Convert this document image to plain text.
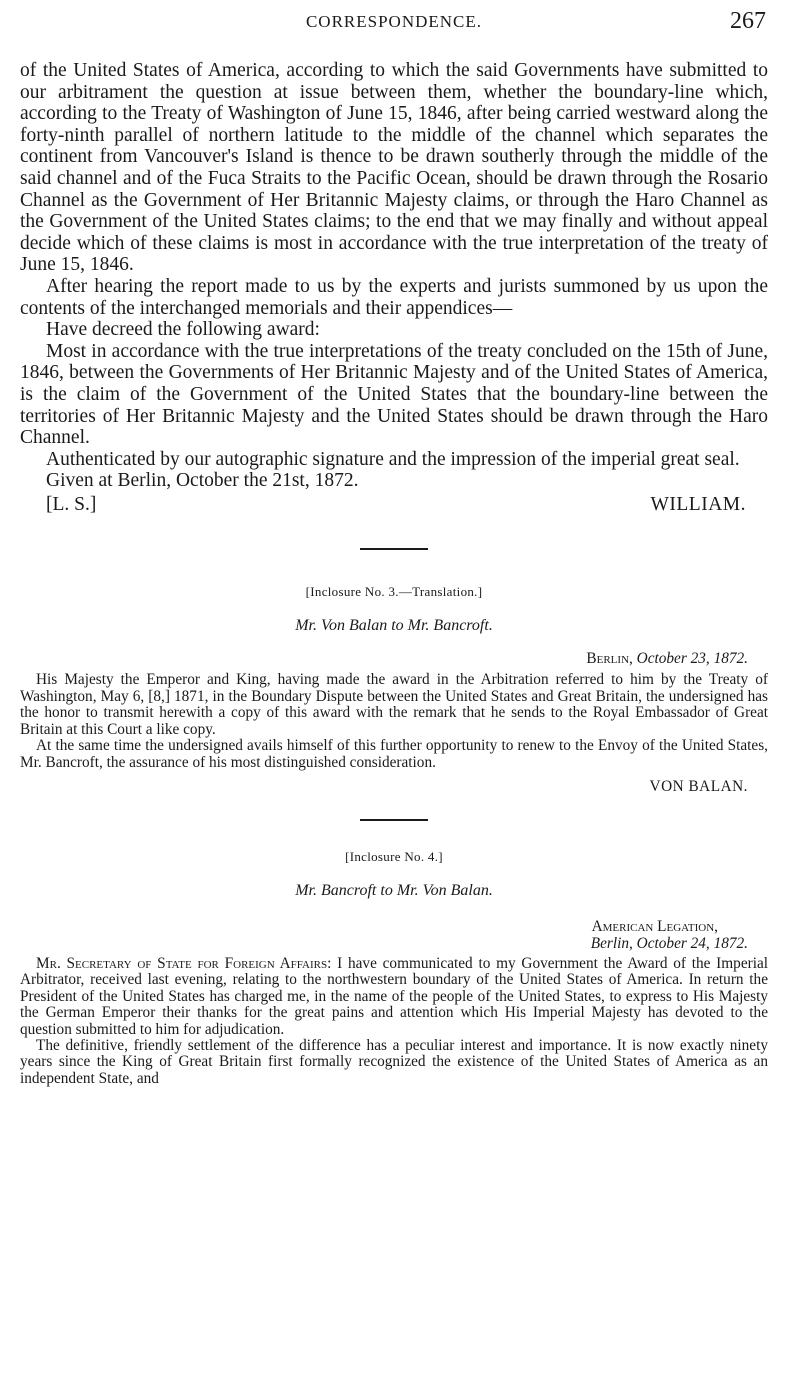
CORRESPONDENCE.	267

of the United States of America, according to which the said Governments have submitted to our arbitrament the question at issue between them, whether the boundary-line which, according to the Treaty of Washington of June 15, 1846, after being carried westward along the forty-ninth parallel of northern latitude to the middle of the channel which separates the continent from Vancouver's Island is thence to be drawn southerly through the middle of the said channel and of the Fuca Straits to the Pacific Ocean, should be drawn through the Rosario Channel as the Government of Her Britannic Majesty claims, or through the Haro Channel as the Government of the United States claims; to the end that we may finally and without appeal decide which of these claims is most in accordance with the true interpretation of the treaty of June 15, 1846.

After hearing the report made to us by the experts and jurists summoned by us upon the contents of the interchanged memorials and their appendices—

Have decreed the following award:

Most in accordance with the true interpretations of the treaty concluded on the 15th of June, 1846, between the Governments of Her Britannic Majesty and of the United States of America, is the claim of the Government of the United States that the boundary-line between the territories of Her Britannic Majesty and the United States should be drawn through the Haro Channel.

Authenticated by our autographic signature and the impression of the imperial great seal.

Given at Berlin, October the 21st, 1872.

[L. S.]	WILLIAM.
[Inclosure No. 3.—Translation.]
Mr. Von Balan to Mr. Bancroft.
Berlin, October 23, 1872.

His Majesty the Emperor and King, having made the award in the Arbitration referred to him by the Treaty of Washington, May 6, [8,] 1871, in the Boundary Dispute between the United States and Great Britain, the undersigned has the honor to transmit herewith a copy of this award with the remark that he sends to the Royal Embassador of Great Britain at this Court a like copy.

At the same time the undersigned avails himself of this further opportunity to renew to the Envoy of the United States, Mr. Bancroft, the assurance of his most distinguished consideration.

VON BALAN.
[Inclosure No. 4.]
Mr. Bancroft to Mr. Von Balan.
American Legation,
Berlin, October 24, 1872.

Mr. Secretary of State for Foreign Affairs: I have communicated to my Government the Award of the Imperial Arbitrator, received last evening, relating to the northwestern boundary of the United States of America. In return the President of the United States has charged me, in the name of the people of the United States, to express to His Majesty the German Emperor their thanks for the great pains and attention which His Imperial Majesty has devoted to the question submitted to him for adjudication.

The definitive, friendly settlement of the difference has a peculiar interest and importance. It is now exactly ninety years since the King of Great Britain first formally recognized the existence of the United States of America as an independent State, and
